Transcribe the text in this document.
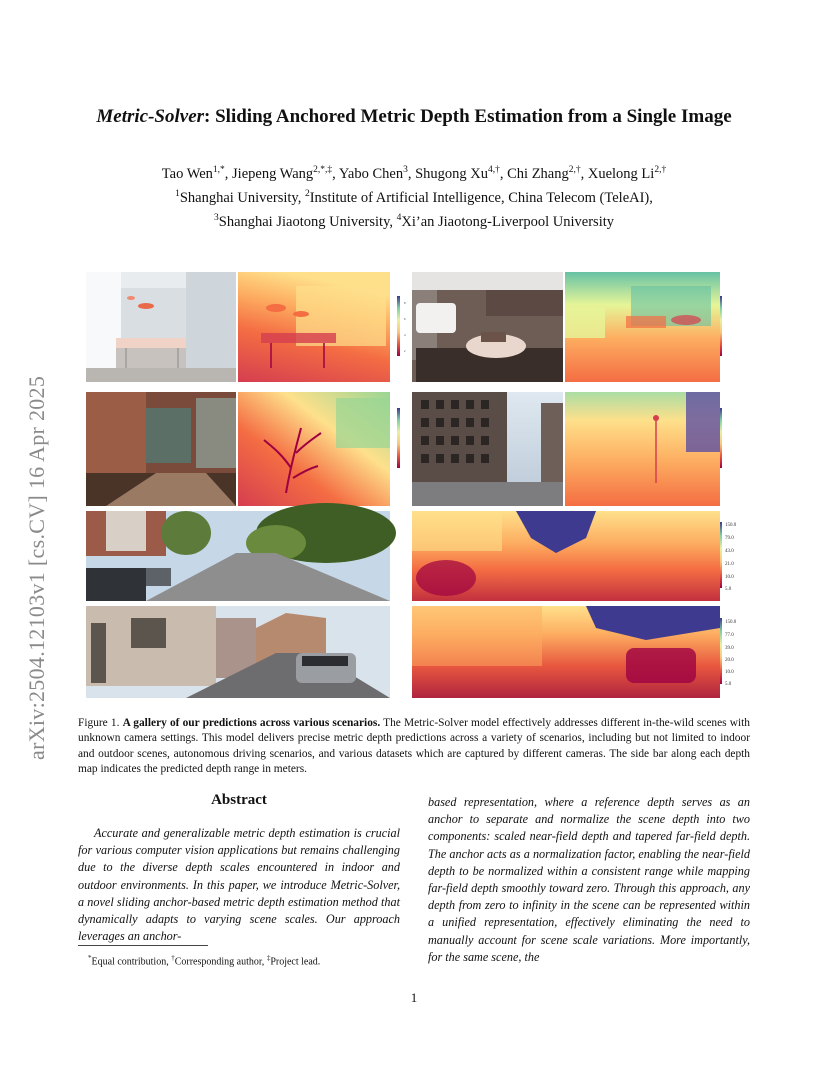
arXiv:2504.12103v1 [cs.CV] 16 Apr 2025
Metric-Solver: Sliding Anchored Metric Depth Estimation from a Single Image
Tao Wen$^{1,*}$, Jiepeng Wang$^{2,*,\ddagger}$, Yabo Chen$^3$, Shugong $Xu^{4,\dagger}$, Chi Zhang$^{2,\dagger}$, Xuelong $Li^{2,\dagger}$
$^1$Shanghai University, $^2$Institute of Artificial Intelligence, China Telecom (TeleAI),
$^3$Shanghai Jiaotong University, $^4$Xi’an Jiaotong-Liverpool University
8
6
4
2
150.0
79.0
43.0
21.0
10.0
5.0
150.0
77.0
39.0
20.0
10.0
5.0
Figure 1. A gallery of our predictions across various scenarios. The Metric-Solver model effectively addresses different in-the-wild scenes with unknown camera settings. This model delivers precise metric depth predictions across a variety of scenarios, including but not limited to indoor and outdoor scenes, autonomous driving scenarios, and various datasets which are captured by different cameras. The side bar along each depth map indicates the predicted depth range in meters.
Abstract
Accurate and generalizable metric depth estimation is crucial for various computer vision applications but remains challenging due to the diverse depth scales encountered in indoor and outdoor environments. In this paper, we introduce Metric-Solver, a novel sliding anchor-based metric depth estimation method that dynamically adapts to varying scene scales. Our approach leverages an anchor-
based representation, where a reference depth serves as an anchor to separate and normalize the scene depth into two components: scaled near-field depth and tapered far-field depth. The anchor acts as a normalization factor, enabling the near-field depth to be normalized within a consistent range while mapping far-field depth smoothly toward zero. Through this approach, any depth from zero to infinity in the scene can be represented within a unified representation, effectively eliminating the need to manually account for scene scale variations. More importantly, for the same scene, the
*Equal contribution, †Corresponding author, ‡Project lead.
1
